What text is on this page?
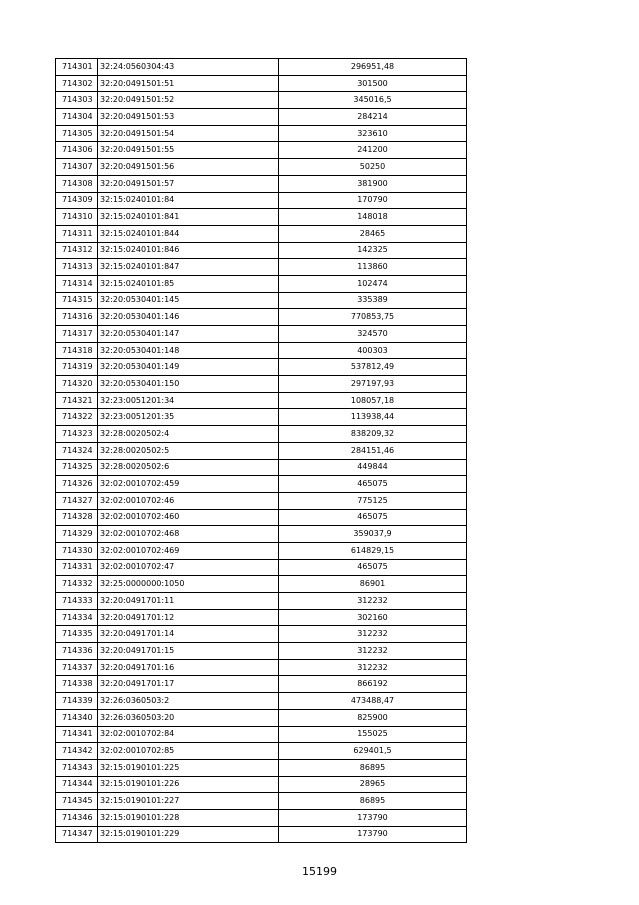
714301	32:24:0560304:43	296951,48
714302	32:20:0491501:51	301500
714303	32:20:0491501:52	345016,5
714304	32:20:0491501:53	284214
714305	32:20:0491501:54	323610
714306	32:20:0491501:55	241200
714307	32:20:0491501:56	50250
714308	32:20:0491501:57	381900
714309	32:15:0240101:84	170790
714310	32:15:0240101:841	148018
714311	32:15:0240101:844	28465
714312	32:15:0240101:846	142325
714313	32:15:0240101:847	113860
714314	32:15:0240101:85	102474
714315	32:20:0530401:145	335389
714316	32:20:0530401:146	770853,75
714317	32:20:0530401:147	324570
714318	32:20:0530401:148	400303
714319	32:20:0530401:149	537812,49
714320	32:20:0530401:150	297197,93
714321	32:23:0051201:34	108057,18
714322	32:23:0051201:35	113938,44
714323	32:28:0020502:4	838209,32
714324	32:28:0020502:5	284151,46
714325	32:28:0020502:6	449844
714326	32:02:0010702:459	465075
714327	32:02:0010702:46	775125
714328	32:02:0010702:460	465075
714329	32:02:0010702:468	359037,9
714330	32:02:0010702:469	614829,15
714331	32:02:0010702:47	465075
714332	32:25:0000000:1050	86901
714333	32:20:0491701:11	312232
714334	32:20:0491701:12	302160
714335	32:20:0491701:14	312232
714336	32:20:0491701:15	312232
714337	32:20:0491701:16	312232
714338	32:20:0491701:17	866192
714339	32:26:0360503:2	473488,47
714340	32:26:0360503:20	825900
714341	32:02:0010702:84	155025
714342	32:02:0010702:85	629401,5
714343	32:15:0190101:225	86895
714344	32:15:0190101:226	28965
714345	32:15:0190101:227	86895
714346	32:15:0190101:228	173790
714347	32:15:0190101:229	173790
15199
